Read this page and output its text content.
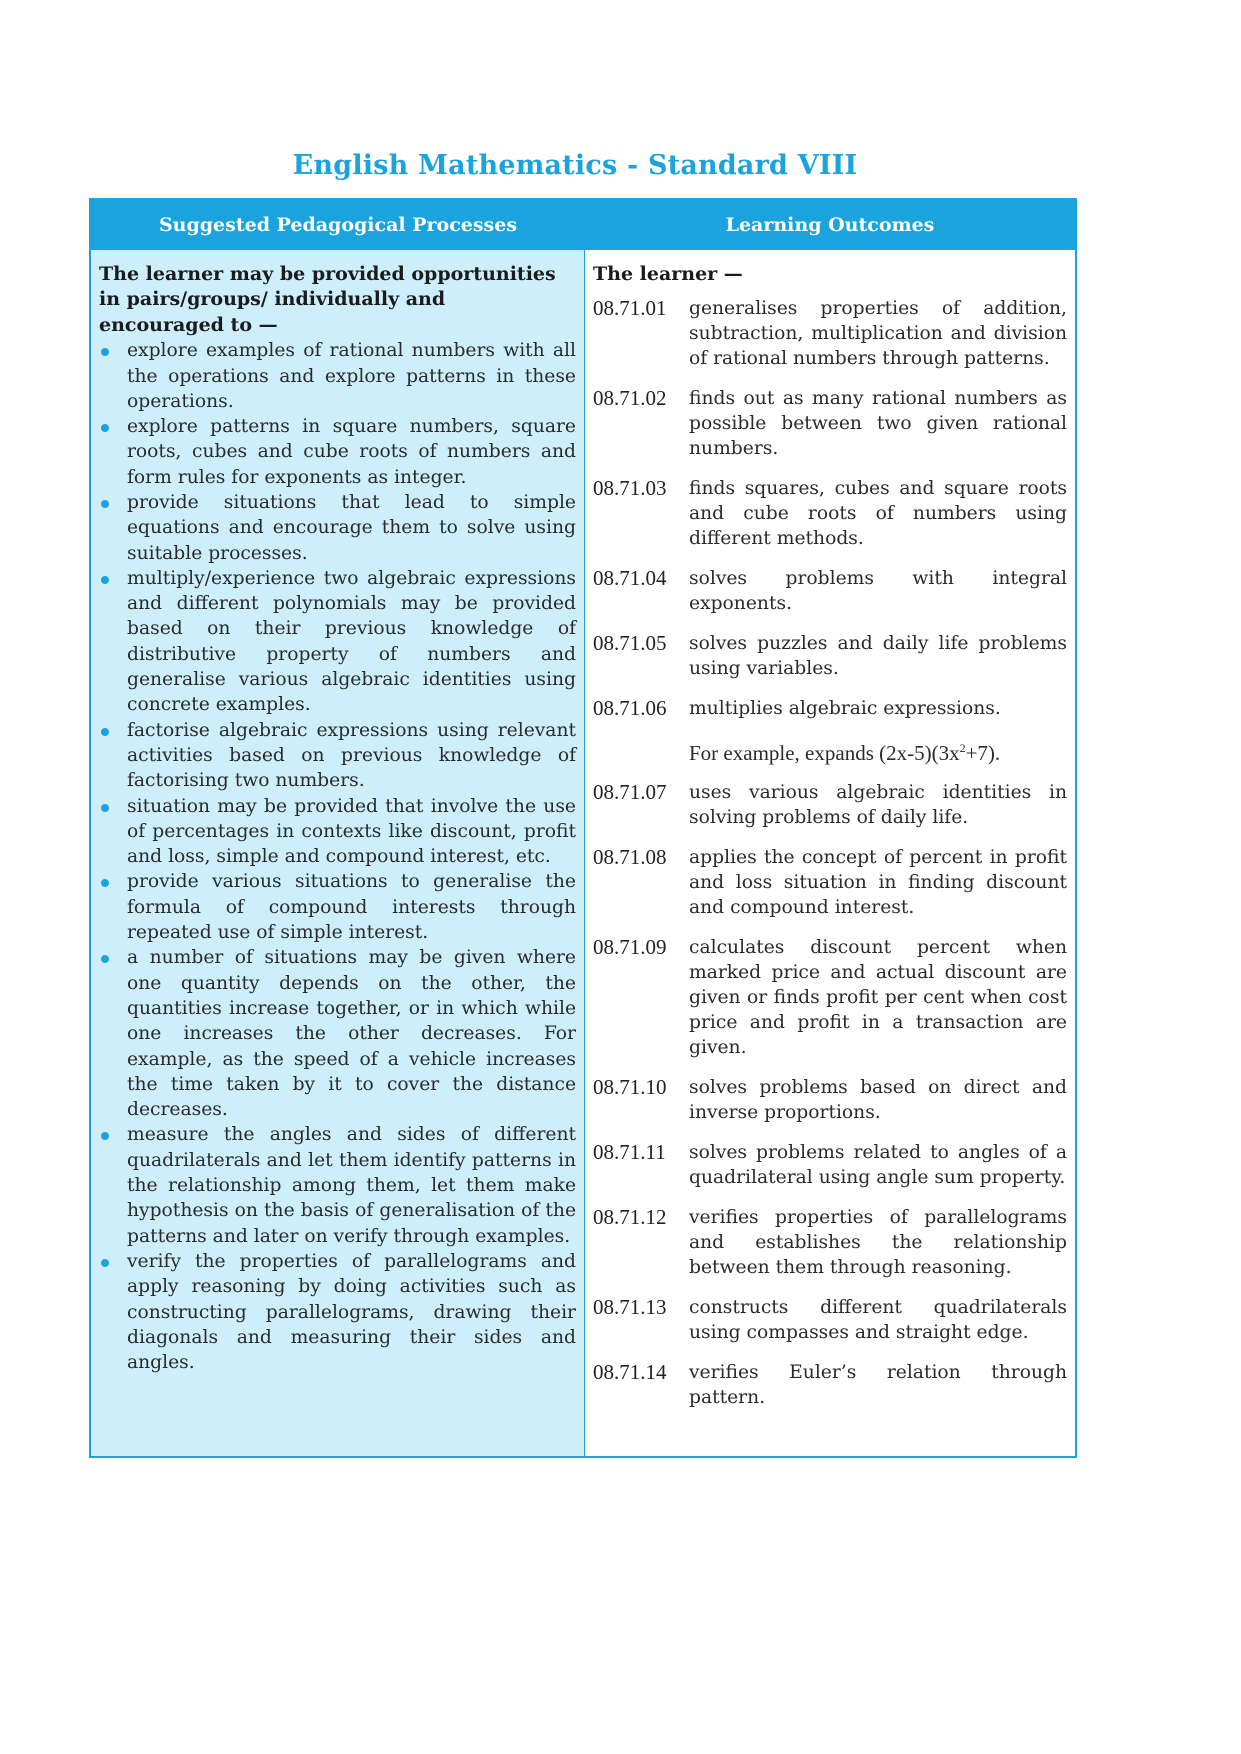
English Mathematics - Standard VIII
Suggested Pedagogical Processes	Learning Outcomes
The learner may be provided opportunities in pairs/groups/ individually and encouraged to —
explore examples of rational numbers with all the operations and explore patterns in these operations.
explore patterns in square numbers, square roots, cubes and cube roots of numbers and form rules for exponents as integer.
provide situations that lead to simple equations and encourage them to solve using suitable processes.
multiply/experience two algebraic expressions and different polynomials may be provided based on their previous knowledge of distributive property of numbers and generalise various algebraic identities using concrete examples.
factorise algebraic expressions using relevant activities based on previous knowledge of factorising two numbers.
situation may be provided that involve the use of percentages in contexts like discount, profit and loss, simple and compound interest, etc.
provide various situations to generalise the formula of compound interests through repeated use of simple interest.
a number of situations may be given where one quantity depends on the other, the quantities increase together, or in which while one increases the other decreases. For example, as the speed of a vehicle increases the time taken by it to cover the distance decreases.
measure the angles and sides of different quadrilaterals and let them identify patterns in the relationship among them, let them make hypothesis on the basis of generalisation of the patterns and later on verify through examples.
verify the properties of parallelograms and apply reasoning by doing activities such as constructing parallelograms, drawing their diagonals and measuring their sides and angles.
The learner —
08.71.01	generalises properties of addition, subtraction, multiplication and division of rational numbers through patterns.
08.71.02	finds out as many rational numbers as possible between two given rational numbers.
08.71.03	finds squares, cubes and square roots and cube roots of numbers using different methods.
08.71.04	solves problems with integral exponents.
08.71.05	solves puzzles and daily life problems using variables.
08.71.06	multiplies algebraic expressions.
For example, expands $(2x-5)(3x^2+7)$.
08.71.07	uses various algebraic identities in solving problems of daily life.
08.71.08	applies the concept of percent in profit and loss situation in finding discount and compound interest.
08.71.09	calculates discount percent when marked price and actual discount are given or finds profit per cent when cost price and profit in a transaction are given.
08.71.10	solves problems based on direct and inverse proportions.
08.71.11	solves problems related to angles of a quadrilateral using angle sum property.
08.71.12	verifies properties of parallelograms and establishes the relationship between them through reasoning.
08.71.13	constructs different quadrilaterals using compasses and straight edge.
08.71.14	verifies Euler’s relation through pattern.
